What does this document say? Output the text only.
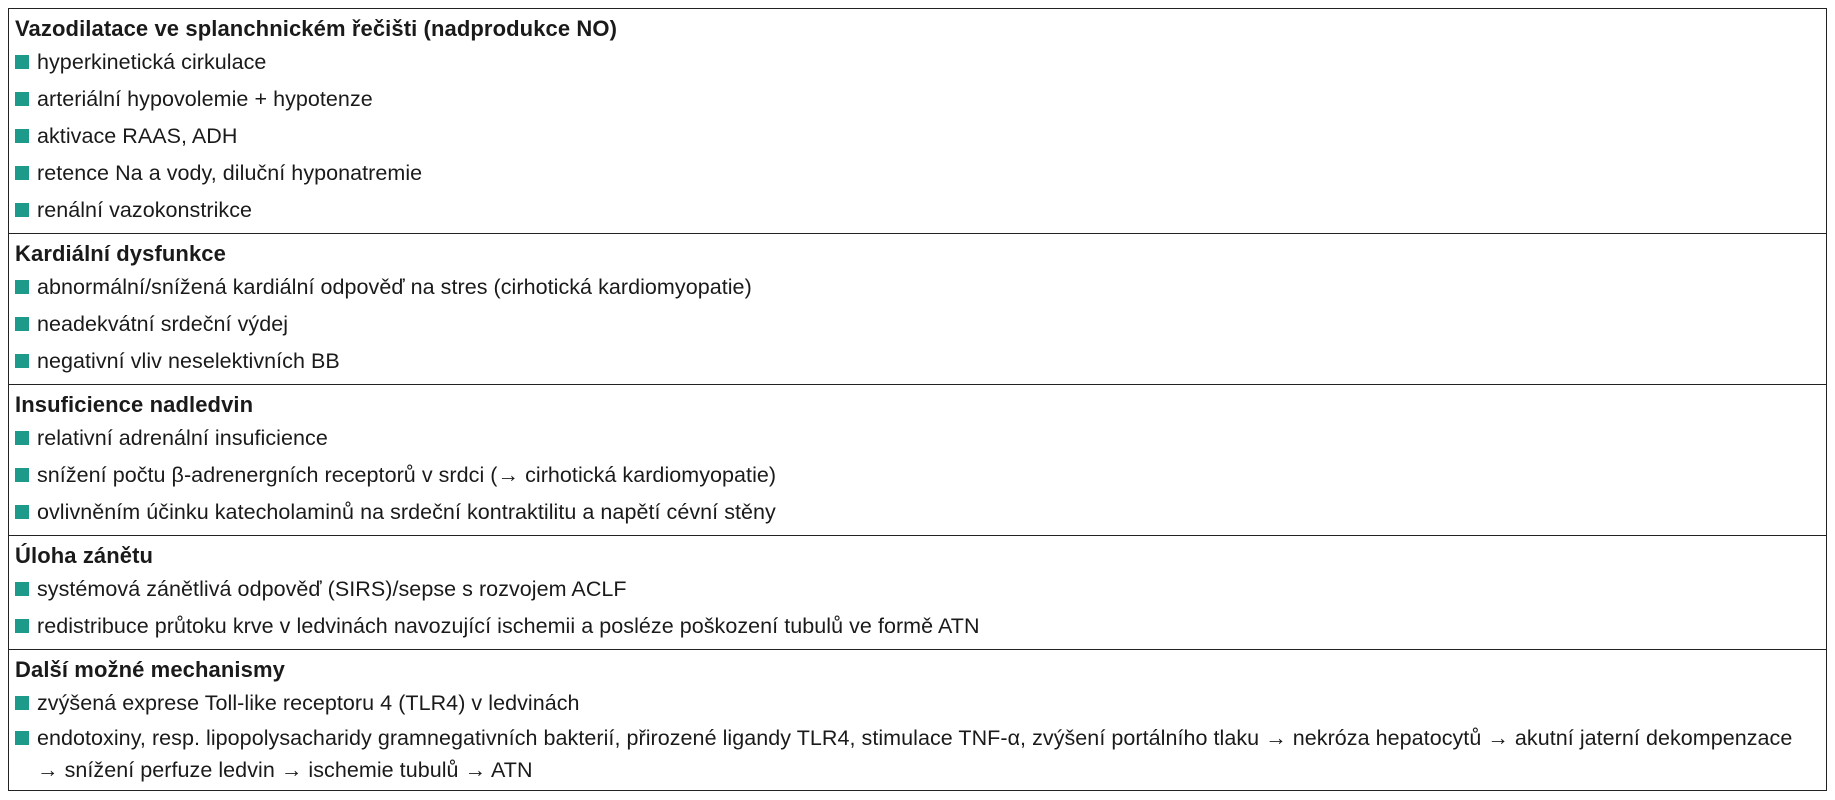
Vazodilatace ve splanchnickém řečišti (nadprodukce NO)
hyperkinetická cirkulace
arteriální hypovolemie + hypotenze
aktivace RAAS, ADH
retence Na a vody, diluční hyponatremie
renální vazokonstrikce
Kardiální dysfunkce
abnormální/snížená kardiální odpověď na stres (cirhotická kardiomyopatie)
neadekvátní srdeční výdej
negativní vliv neselektivních BB
Insuficience nadledvin
relativní adrenální insuficience
snížení počtu β-adrenergních receptorů v srdci (→ cirhotická kardiomyopatie)
ovlivněním účinku katecholaminů na srdeční kontraktilitu a napětí cévní stěny
Úloha zánětu
systémová zánětlivá odpověď (SIRS)/sepse s rozvojem ACLF
redistribuce průtoku krve v ledvinách navozující ischemii a posléze poškození tubulů ve formě ATN
Další možné mechanismy
zvýšená exprese Toll-like receptoru 4 (TLR4) v ledvinách
endotoxiny, resp. lipopolysacharidy gramnegativních bakterií, přirozené ligandy TLR4, stimulace TNF-α, zvýšení portálního tlaku → nekróza hepatocytů → akutní jaterní dekompenzace → snížení perfuze ledvin → ischemie tubulů → ATN
